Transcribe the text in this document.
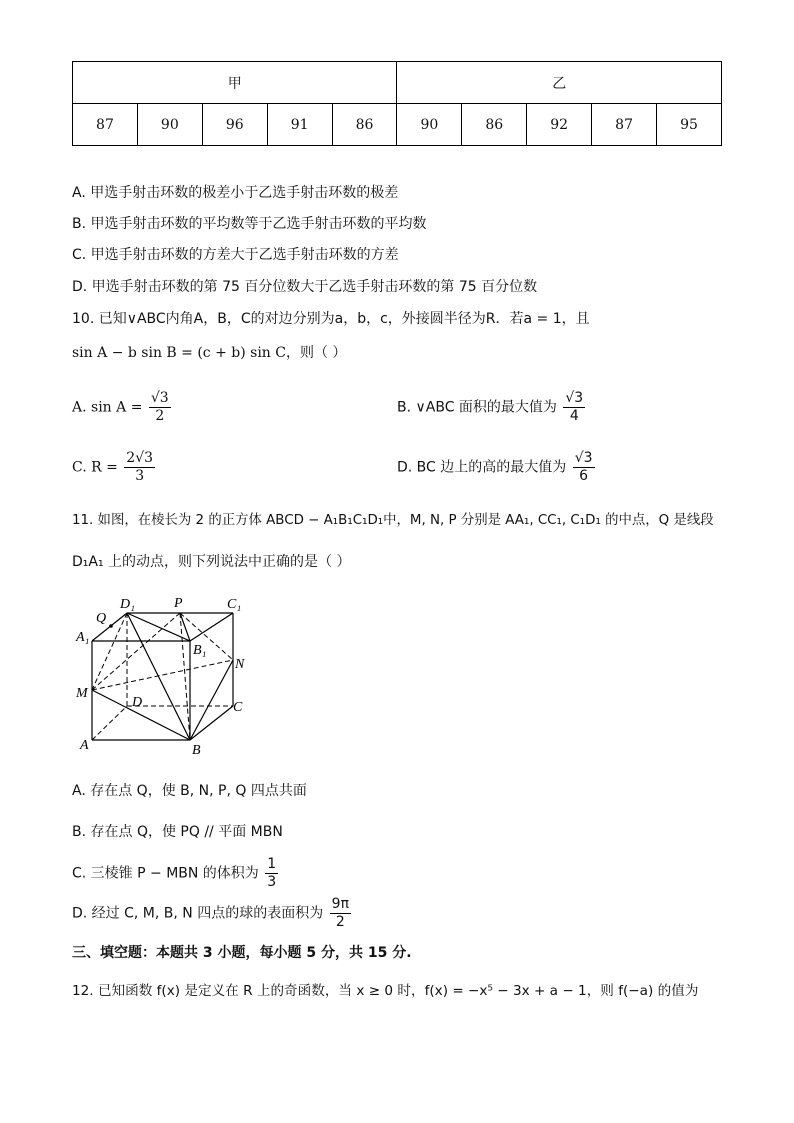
甲					乙				
87	90	96	91	86	90	86	92	87	95
A. 甲选手射击环数的极差小于乙选手射击环数的极差
B. 甲选手射击环数的平均数等于乙选手射击环数的平均数
C. 甲选手射击环数的方差大于乙选手射击环数的方差
D. 甲选手射击环数的第 75 百分位数大于乙选手射击环数的第 75 百分位数
10. 已知∨ABC内角A，B，C的对边分别为a，b，c，外接圆半径为R．若a = 1，且
sin A − b sin B = (c + b) sin C，则（ ）
A. $\sin A = \frac{√3}{2}$	B. ∨ABC 面积的最大值为 $\frac{√3}{4}$
C. $R = \frac{2√3}{3}$	D. BC 边上的高的最大值为 $\frac{√3}{6}$
11. 如图，在棱长为 2 的正方体 ABCD − A₁B₁C₁D₁中，M, N, P 分别是 AA₁, CC₁, C₁D₁ 的中点，Q 是线段
D₁A₁ 上的动点，则下列说法中正确的是（ ）
D₁	P	C₁
Q
A₁
B₁
N
M
D	C
A	B
A. 存在点 Q，使 B, N, P, Q 四点共面
B. 存在点 Q，使 PQ // 平面 MBN
C. 三棱锥 P − MBN 的体积为 $\frac{1}{3}$
D. 经过 C, M, B, N 四点的球的表面积为 $\frac{9\pi}{2}$
三、填空题：本题共 3 小题，每小题 5 分，共 15 分.
12. 已知函数 f(x) 是定义在 R 上的奇函数，当 x ≥ 0 时，f(x) = −x⁵ − 3x + a − 1，则 f(−a) 的值为
